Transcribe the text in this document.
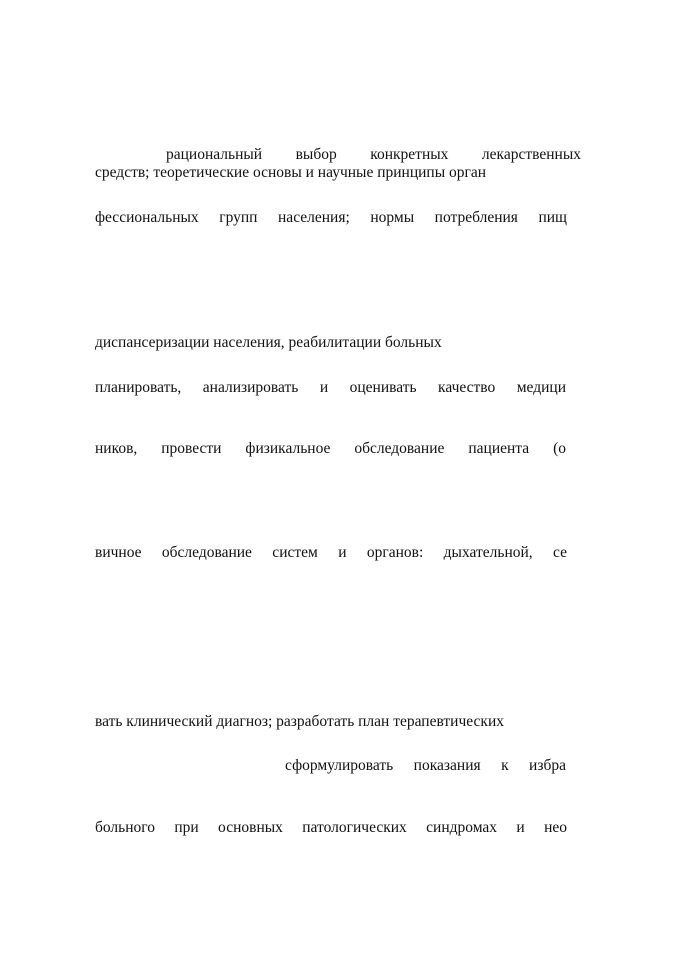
рациональный выбор конкретных лекарственных
средств; теоретические основы и научные принципы орган
фессиональных групп населения; нормы потребления пищ
диспансеризации населения, реабилитации больных
планировать, анализировать и оценивать качество медици
ников, провести физикальное обследование пациента (о
вичное обследование систем и органов: дыхательной, се
вать клинический диагноз; разработать план терапевтических
сформулировать показания к избра
больного при основных патологических синдромах и нео
